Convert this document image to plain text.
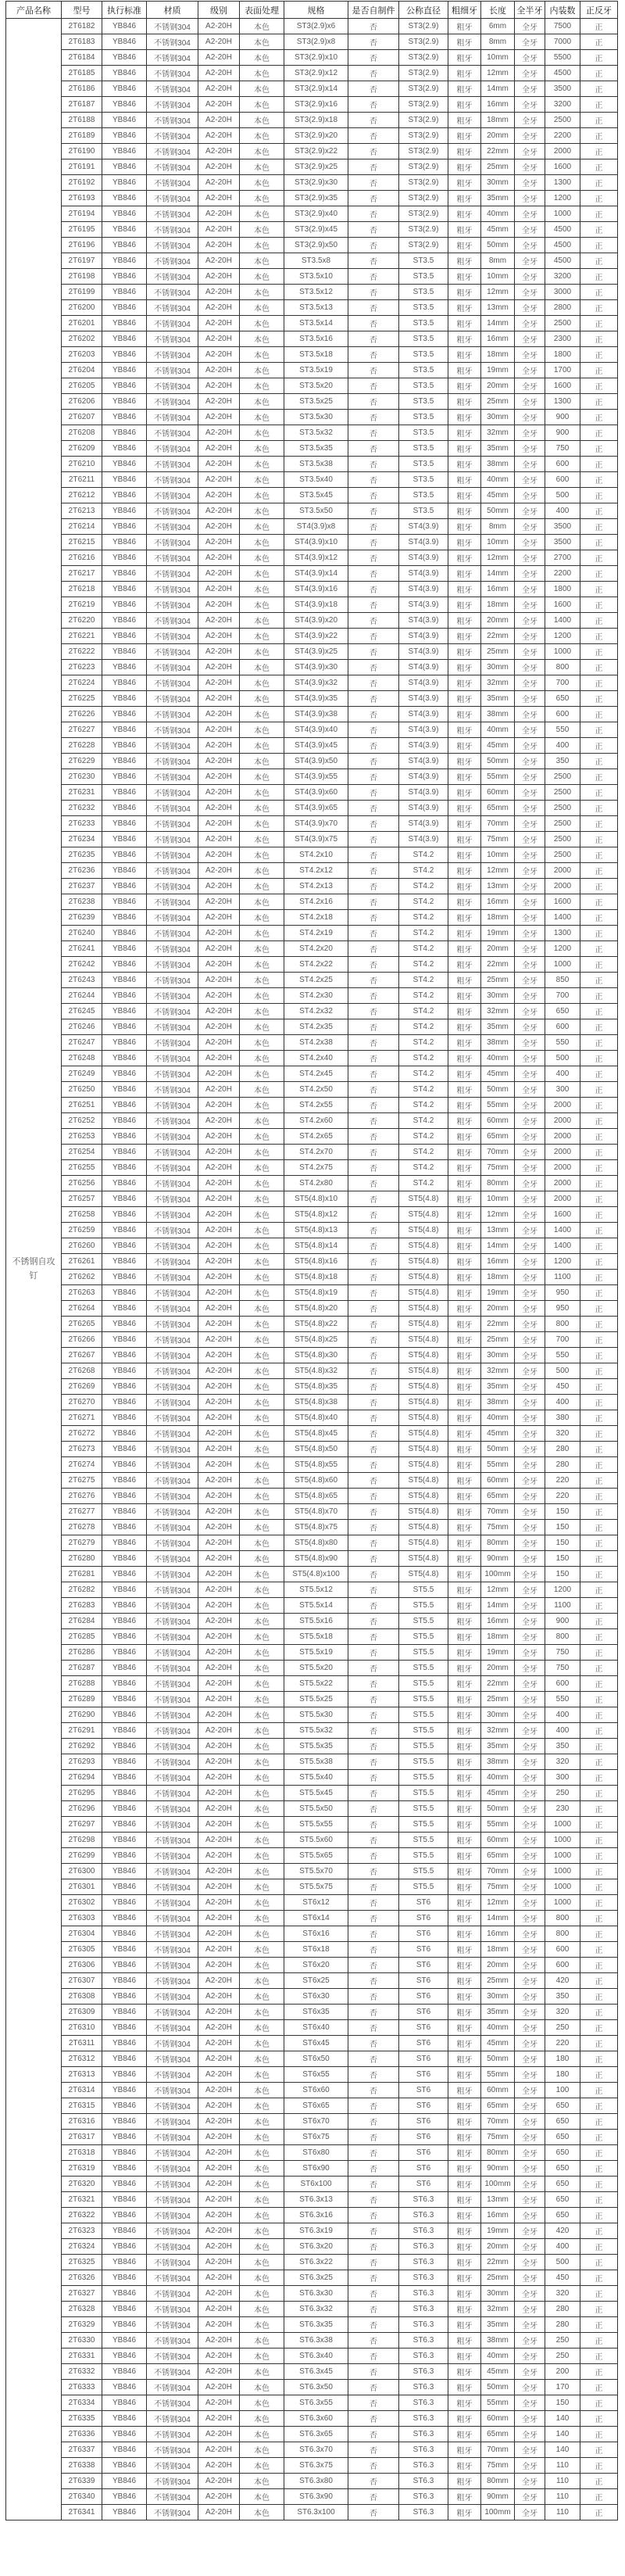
产品名称	型号	执行标准	材质	级别	表面处理	规格	是否自制件	公称直径	粗细牙	长度	全半牙	内装数	正反牙
不锈钢自攻钉	2T6182	YB846	不锈钢304	A2-20H	本色	ST3(2.9)x6	否	ST3(2.9)	粗牙	6mm	全牙	7500	正
	2T6183	YB846	不锈钢304	A2-20H	本色	ST3(2.9)x8	否	ST3(2.9)	粗牙	8mm	全牙	7000	正
	2T6184	YB846	不锈钢304	A2-20H	本色	ST3(2.9)x10	否	ST3(2.9)	粗牙	10mm	全牙	5500	正
	2T6185	YB846	不锈钢304	A2-20H	本色	ST3(2.9)x12	否	ST3(2.9)	粗牙	12mm	全牙	4500	正
	2T6186	YB846	不锈钢304	A2-20H	本色	ST3(2.9)x14	否	ST3(2.9)	粗牙	14mm	全牙	3500	正
	2T6187	YB846	不锈钢304	A2-20H	本色	ST3(2.9)x16	否	ST3(2.9)	粗牙	16mm	全牙	3200	正
	2T6188	YB846	不锈钢304	A2-20H	本色	ST3(2.9)x18	否	ST3(2.9)	粗牙	18mm	全牙	2500	正
	2T6189	YB846	不锈钢304	A2-20H	本色	ST3(2.9)x20	否	ST3(2.9)	粗牙	20mm	全牙	2200	正
	2T6190	YB846	不锈钢304	A2-20H	本色	ST3(2.9)x22	否	ST3(2.9)	粗牙	22mm	全牙	2000	正
	2T6191	YB846	不锈钢304	A2-20H	本色	ST3(2.9)x25	否	ST3(2.9)	粗牙	25mm	全牙	1600	正
	2T6192	YB846	不锈钢304	A2-20H	本色	ST3(2.9)x30	否	ST3(2.9)	粗牙	30mm	全牙	1300	正
	2T6193	YB846	不锈钢304	A2-20H	本色	ST3(2.9)x35	否	ST3(2.9)	粗牙	35mm	全牙	1200	正
	2T6194	YB846	不锈钢304	A2-20H	本色	ST3(2.9)x40	否	ST3(2.9)	粗牙	40mm	全牙	1000	正
	2T6195	YB846	不锈钢304	A2-20H	本色	ST3(2.9)x45	否	ST3(2.9)	粗牙	45mm	全牙	4500	正
	2T6196	YB846	不锈钢304	A2-20H	本色	ST3(2.9)x50	否	ST3(2.9)	粗牙	50mm	全牙	4500	正
	2T6197	YB846	不锈钢304	A2-20H	本色	ST3.5x8	否	ST3.5	粗牙	8mm	全牙	4500	正
	2T6198	YB846	不锈钢304	A2-20H	本色	ST3.5x10	否	ST3.5	粗牙	10mm	全牙	3200	正
	2T6199	YB846	不锈钢304	A2-20H	本色	ST3.5x12	否	ST3.5	粗牙	12mm	全牙	3000	正
	2T6200	YB846	不锈钢304	A2-20H	本色	ST3.5x13	否	ST3.5	粗牙	13mm	全牙	2800	正
	2T6201	YB846	不锈钢304	A2-20H	本色	ST3.5x14	否	ST3.5	粗牙	14mm	全牙	2500	正
	2T6202	YB846	不锈钢304	A2-20H	本色	ST3.5x16	否	ST3.5	粗牙	16mm	全牙	2300	正
	2T6203	YB846	不锈钢304	A2-20H	本色	ST3.5x18	否	ST3.5	粗牙	18mm	全牙	1800	正
	2T6204	YB846	不锈钢304	A2-20H	本色	ST3.5x19	否	ST3.5	粗牙	19mm	全牙	1700	正
	2T6205	YB846	不锈钢304	A2-20H	本色	ST3.5x20	否	ST3.5	粗牙	20mm	全牙	1600	正
	2T6206	YB846	不锈钢304	A2-20H	本色	ST3.5x25	否	ST3.5	粗牙	25mm	全牙	1300	正
	2T6207	YB846	不锈钢304	A2-20H	本色	ST3.5x30	否	ST3.5	粗牙	30mm	全牙	900	正
	2T6208	YB846	不锈钢304	A2-20H	本色	ST3.5x32	否	ST3.5	粗牙	32mm	全牙	900	正
	2T6209	YB846	不锈钢304	A2-20H	本色	ST3.5x35	否	ST3.5	粗牙	35mm	全牙	750	正
	2T6210	YB846	不锈钢304	A2-20H	本色	ST3.5x38	否	ST3.5	粗牙	38mm	全牙	600	正
	2T6211	YB846	不锈钢304	A2-20H	本色	ST3.5x40	否	ST3.5	粗牙	40mm	全牙	600	正
	2T6212	YB846	不锈钢304	A2-20H	本色	ST3.5x45	否	ST3.5	粗牙	45mm	全牙	500	正
	2T6213	YB846	不锈钢304	A2-20H	本色	ST3.5x50	否	ST3.5	粗牙	50mm	全牙	400	正
	2T6214	YB846	不锈钢304	A2-20H	本色	ST4(3.9)x8	否	ST4(3.9)	粗牙	8mm	全牙	3500	正
	2T6215	YB846	不锈钢304	A2-20H	本色	ST4(3.9)x10	否	ST4(3.9)	粗牙	10mm	全牙	3500	正
	2T6216	YB846	不锈钢304	A2-20H	本色	ST4(3.9)x12	否	ST4(3.9)	粗牙	12mm	全牙	2700	正
	2T6217	YB846	不锈钢304	A2-20H	本色	ST4(3.9)x14	否	ST4(3.9)	粗牙	14mm	全牙	2200	正
	2T6218	YB846	不锈钢304	A2-20H	本色	ST4(3.9)x16	否	ST4(3.9)	粗牙	16mm	全牙	1800	正
	2T6219	YB846	不锈钢304	A2-20H	本色	ST4(3.9)x18	否	ST4(3.9)	粗牙	18mm	全牙	1600	正
	2T6220	YB846	不锈钢304	A2-20H	本色	ST4(3.9)x20	否	ST4(3.9)	粗牙	20mm	全牙	1400	正
	2T6221	YB846	不锈钢304	A2-20H	本色	ST4(3.9)x22	否	ST4(3.9)	粗牙	22mm	全牙	1200	正
	2T6222	YB846	不锈钢304	A2-20H	本色	ST4(3.9)x25	否	ST4(3.9)	粗牙	25mm	全牙	1000	正
	2T6223	YB846	不锈钢304	A2-20H	本色	ST4(3.9)x30	否	ST4(3.9)	粗牙	30mm	全牙	800	正
	2T6224	YB846	不锈钢304	A2-20H	本色	ST4(3.9)x32	否	ST4(3.9)	粗牙	32mm	全牙	700	正
	2T6225	YB846	不锈钢304	A2-20H	本色	ST4(3.9)x35	否	ST4(3.9)	粗牙	35mm	全牙	650	正
	2T6226	YB846	不锈钢304	A2-20H	本色	ST4(3.9)x38	否	ST4(3.9)	粗牙	38mm	全牙	600	正
	2T6227	YB846	不锈钢304	A2-20H	本色	ST4(3.9)x40	否	ST4(3.9)	粗牙	40mm	全牙	550	正
	2T6228	YB846	不锈钢304	A2-20H	本色	ST4(3.9)x45	否	ST4(3.9)	粗牙	45mm	全牙	400	正
	2T6229	YB846	不锈钢304	A2-20H	本色	ST4(3.9)x50	否	ST4(3.9)	粗牙	50mm	全牙	350	正
	2T6230	YB846	不锈钢304	A2-20H	本色	ST4(3.9)x55	否	ST4(3.9)	粗牙	55mm	全牙	2500	正
	2T6231	YB846	不锈钢304	A2-20H	本色	ST4(3.9)x60	否	ST4(3.9)	粗牙	60mm	全牙	2500	正
	2T6232	YB846	不锈钢304	A2-20H	本色	ST4(3.9)x65	否	ST4(3.9)	粗牙	65mm	全牙	2500	正
	2T6233	YB846	不锈钢304	A2-20H	本色	ST4(3.9)x70	否	ST4(3.9)	粗牙	70mm	全牙	2500	正
	2T6234	YB846	不锈钢304	A2-20H	本色	ST4(3.9)x75	否	ST4(3.9)	粗牙	75mm	全牙	2500	正
	2T6235	YB846	不锈钢304	A2-20H	本色	ST4.2x10	否	ST4.2	粗牙	10mm	全牙	2500	正
	2T6236	YB846	不锈钢304	A2-20H	本色	ST4.2x12	否	ST4.2	粗牙	12mm	全牙	2000	正
	2T6237	YB846	不锈钢304	A2-20H	本色	ST4.2x13	否	ST4.2	粗牙	13mm	全牙	2000	正
	2T6238	YB846	不锈钢304	A2-20H	本色	ST4.2x16	否	ST4.2	粗牙	16mm	全牙	1600	正
	2T6239	YB846	不锈钢304	A2-20H	本色	ST4.2x18	否	ST4.2	粗牙	18mm	全牙	1400	正
	2T6240	YB846	不锈钢304	A2-20H	本色	ST4.2x19	否	ST4.2	粗牙	19mm	全牙	1300	正
	2T6241	YB846	不锈钢304	A2-20H	本色	ST4.2x20	否	ST4.2	粗牙	20mm	全牙	1200	正
	2T6242	YB846	不锈钢304	A2-20H	本色	ST4.2x22	否	ST4.2	粗牙	22mm	全牙	1000	正
	2T6243	YB846	不锈钢304	A2-20H	本色	ST4.2x25	否	ST4.2	粗牙	25mm	全牙	850	正
	2T6244	YB846	不锈钢304	A2-20H	本色	ST4.2x30	否	ST4.2	粗牙	30mm	全牙	700	正
	2T6245	YB846	不锈钢304	A2-20H	本色	ST4.2x32	否	ST4.2	粗牙	32mm	全牙	650	正
	2T6246	YB846	不锈钢304	A2-20H	本色	ST4.2x35	否	ST4.2	粗牙	35mm	全牙	600	正
	2T6247	YB846	不锈钢304	A2-20H	本色	ST4.2x38	否	ST4.2	粗牙	38mm	全牙	550	正
	2T6248	YB846	不锈钢304	A2-20H	本色	ST4.2x40	否	ST4.2	粗牙	40mm	全牙	500	正
	2T6249	YB846	不锈钢304	A2-20H	本色	ST4.2x45	否	ST4.2	粗牙	45mm	全牙	400	正
	2T6250	YB846	不锈钢304	A2-20H	本色	ST4.2x50	否	ST4.2	粗牙	50mm	全牙	300	正
	2T6251	YB846	不锈钢304	A2-20H	本色	ST4.2x55	否	ST4.2	粗牙	55mm	全牙	2000	正
	2T6252	YB846	不锈钢304	A2-20H	本色	ST4.2x60	否	ST4.2	粗牙	60mm	全牙	2000	正
	2T6253	YB846	不锈钢304	A2-20H	本色	ST4.2x65	否	ST4.2	粗牙	65mm	全牙	2000	正
	2T6254	YB846	不锈钢304	A2-20H	本色	ST4.2x70	否	ST4.2	粗牙	70mm	全牙	2000	正
	2T6255	YB846	不锈钢304	A2-20H	本色	ST4.2x75	否	ST4.2	粗牙	75mm	全牙	2000	正
	2T6256	YB846	不锈钢304	A2-20H	本色	ST4.2x80	否	ST4.2	粗牙	80mm	全牙	2000	正
	2T6257	YB846	不锈钢304	A2-20H	本色	ST5(4.8)x10	否	ST5(4.8)	粗牙	10mm	全牙	2000	正
	2T6258	YB846	不锈钢304	A2-20H	本色	ST5(4.8)x12	否	ST5(4.8)	粗牙	12mm	全牙	1600	正
	2T6259	YB846	不锈钢304	A2-20H	本色	ST5(4.8)x13	否	ST5(4.8)	粗牙	13mm	全牙	1400	正
	2T6260	YB846	不锈钢304	A2-20H	本色	ST5(4.8)x14	否	ST5(4.8)	粗牙	14mm	全牙	1400	正
	2T6261	YB846	不锈钢304	A2-20H	本色	ST5(4.8)x16	否	ST5(4.8)	粗牙	16mm	全牙	1200	正
	2T6262	YB846	不锈钢304	A2-20H	本色	ST5(4.8)x18	否	ST5(4.8)	粗牙	18mm	全牙	1100	正
	2T6263	YB846	不锈钢304	A2-20H	本色	ST5(4.8)x19	否	ST5(4.8)	粗牙	19mm	全牙	950	正
	2T6264	YB846	不锈钢304	A2-20H	本色	ST5(4.8)x20	否	ST5(4.8)	粗牙	20mm	全牙	950	正
	2T6265	YB846	不锈钢304	A2-20H	本色	ST5(4.8)x22	否	ST5(4.8)	粗牙	22mm	全牙	800	正
	2T6266	YB846	不锈钢304	A2-20H	本色	ST5(4.8)x25	否	ST5(4.8)	粗牙	25mm	全牙	700	正
	2T6267	YB846	不锈钢304	A2-20H	本色	ST5(4.8)x30	否	ST5(4.8)	粗牙	30mm	全牙	550	正
	2T6268	YB846	不锈钢304	A2-20H	本色	ST5(4.8)x32	否	ST5(4.8)	粗牙	32mm	全牙	500	正
	2T6269	YB846	不锈钢304	A2-20H	本色	ST5(4.8)x35	否	ST5(4.8)	粗牙	35mm	全牙	450	正
	2T6270	YB846	不锈钢304	A2-20H	本色	ST5(4.8)x38	否	ST5(4.8)	粗牙	38mm	全牙	400	正
	2T6271	YB846	不锈钢304	A2-20H	本色	ST5(4.8)x40	否	ST5(4.8)	粗牙	40mm	全牙	380	正
	2T6272	YB846	不锈钢304	A2-20H	本色	ST5(4.8)x45	否	ST5(4.8)	粗牙	45mm	全牙	320	正
	2T6273	YB846	不锈钢304	A2-20H	本色	ST5(4.8)x50	否	ST5(4.8)	粗牙	50mm	全牙	280	正
	2T6274	YB846	不锈钢304	A2-20H	本色	ST5(4.8)x55	否	ST5(4.8)	粗牙	55mm	全牙	280	正
	2T6275	YB846	不锈钢304	A2-20H	本色	ST5(4.8)x60	否	ST5(4.8)	粗牙	60mm	全牙	220	正
	2T6276	YB846	不锈钢304	A2-20H	本色	ST5(4.8)x65	否	ST5(4.8)	粗牙	65mm	全牙	220	正
	2T6277	YB846	不锈钢304	A2-20H	本色	ST5(4.8)x70	否	ST5(4.8)	粗牙	70mm	全牙	150	正
	2T6278	YB846	不锈钢304	A2-20H	本色	ST5(4.8)x75	否	ST5(4.8)	粗牙	75mm	全牙	150	正
	2T6279	YB846	不锈钢304	A2-20H	本色	ST5(4.8)x80	否	ST5(4.8)	粗牙	80mm	全牙	150	正
	2T6280	YB846	不锈钢304	A2-20H	本色	ST5(4.8)x90	否	ST5(4.8)	粗牙	90mm	全牙	150	正
	2T6281	YB846	不锈钢304	A2-20H	本色	ST5(4.8)x100	否	ST5(4.8)	粗牙	100mm	全牙	150	正
	2T6282	YB846	不锈钢304	A2-20H	本色	ST5.5x12	否	ST5.5	粗牙	12mm	全牙	1200	正
	2T6283	YB846	不锈钢304	A2-20H	本色	ST5.5x14	否	ST5.5	粗牙	14mm	全牙	1100	正
	2T6284	YB846	不锈钢304	A2-20H	本色	ST5.5x16	否	ST5.5	粗牙	16mm	全牙	900	正
	2T6285	YB846	不锈钢304	A2-20H	本色	ST5.5x18	否	ST5.5	粗牙	18mm	全牙	800	正
	2T6286	YB846	不锈钢304	A2-20H	本色	ST5.5x19	否	ST5.5	粗牙	19mm	全牙	750	正
	2T6287	YB846	不锈钢304	A2-20H	本色	ST5.5x20	否	ST5.5	粗牙	20mm	全牙	750	正
	2T6288	YB846	不锈钢304	A2-20H	本色	ST5.5x22	否	ST5.5	粗牙	22mm	全牙	600	正
	2T6289	YB846	不锈钢304	A2-20H	本色	ST5.5x25	否	ST5.5	粗牙	25mm	全牙	550	正
	2T6290	YB846	不锈钢304	A2-20H	本色	ST5.5x30	否	ST5.5	粗牙	30mm	全牙	400	正
	2T6291	YB846	不锈钢304	A2-20H	本色	ST5.5x32	否	ST5.5	粗牙	32mm	全牙	400	正
	2T6292	YB846	不锈钢304	A2-20H	本色	ST5.5x35	否	ST5.5	粗牙	35mm	全牙	350	正
	2T6293	YB846	不锈钢304	A2-20H	本色	ST5.5x38	否	ST5.5	粗牙	38mm	全牙	320	正
	2T6294	YB846	不锈钢304	A2-20H	本色	ST5.5x40	否	ST5.5	粗牙	40mm	全牙	300	正
	2T6295	YB846	不锈钢304	A2-20H	本色	ST5.5x45	否	ST5.5	粗牙	45mm	全牙	250	正
	2T6296	YB846	不锈钢304	A2-20H	本色	ST5.5x50	否	ST5.5	粗牙	50mm	全牙	230	正
	2T6297	YB846	不锈钢304	A2-20H	本色	ST5.5x55	否	ST5.5	粗牙	55mm	全牙	1000	正
	2T6298	YB846	不锈钢304	A2-20H	本色	ST5.5x60	否	ST5.5	粗牙	60mm	全牙	1000	正
	2T6299	YB846	不锈钢304	A2-20H	本色	ST5.5x65	否	ST5.5	粗牙	65mm	全牙	1000	正
	2T6300	YB846	不锈钢304	A2-20H	本色	ST5.5x70	否	ST5.5	粗牙	70mm	全牙	1000	正
	2T6301	YB846	不锈钢304	A2-20H	本色	ST5.5x75	否	ST5.5	粗牙	75mm	全牙	1000	正
	2T6302	YB846	不锈钢304	A2-20H	本色	ST6x12	否	ST6	粗牙	12mm	全牙	1000	正
	2T6303	YB846	不锈钢304	A2-20H	本色	ST6x14	否	ST6	粗牙	14mm	全牙	800	正
	2T6304	YB846	不锈钢304	A2-20H	本色	ST6x16	否	ST6	粗牙	16mm	全牙	800	正
	2T6305	YB846	不锈钢304	A2-20H	本色	ST6x18	否	ST6	粗牙	18mm	全牙	600	正
	2T6306	YB846	不锈钢304	A2-20H	本色	ST6x20	否	ST6	粗牙	20mm	全牙	600	正
	2T6307	YB846	不锈钢304	A2-20H	本色	ST6x25	否	ST6	粗牙	25mm	全牙	420	正
	2T6308	YB846	不锈钢304	A2-20H	本色	ST6x30	否	ST6	粗牙	30mm	全牙	350	正
	2T6309	YB846	不锈钢304	A2-20H	本色	ST6x35	否	ST6	粗牙	35mm	全牙	320	正
	2T6310	YB846	不锈钢304	A2-20H	本色	ST6x40	否	ST6	粗牙	40mm	全牙	250	正
	2T6311	YB846	不锈钢304	A2-20H	本色	ST6x45	否	ST6	粗牙	45mm	全牙	220	正
	2T6312	YB846	不锈钢304	A2-20H	本色	ST6x50	否	ST6	粗牙	50mm	全牙	180	正
	2T6313	YB846	不锈钢304	A2-20H	本色	ST6x55	否	ST6	粗牙	55mm	全牙	180	正
	2T6314	YB846	不锈钢304	A2-20H	本色	ST6x60	否	ST6	粗牙	60mm	全牙	100	正
	2T6315	YB846	不锈钢304	A2-20H	本色	ST6x65	否	ST6	粗牙	65mm	全牙	650	正
	2T6316	YB846	不锈钢304	A2-20H	本色	ST6x70	否	ST6	粗牙	70mm	全牙	650	正
	2T6317	YB846	不锈钢304	A2-20H	本色	ST6x75	否	ST6	粗牙	75mm	全牙	650	正
	2T6318	YB846	不锈钢304	A2-20H	本色	ST6x80	否	ST6	粗牙	80mm	全牙	650	正
	2T6319	YB846	不锈钢304	A2-20H	本色	ST6x90	否	ST6	粗牙	90mm	全牙	650	正
	2T6320	YB846	不锈钢304	A2-20H	本色	ST6x100	否	ST6	粗牙	100mm	全牙	650	正
	2T6321	YB846	不锈钢304	A2-20H	本色	ST6.3x13	否	ST6.3	粗牙	13mm	全牙	650	正
	2T6322	YB846	不锈钢304	A2-20H	本色	ST6.3x16	否	ST6.3	粗牙	16mm	全牙	650	正
	2T6323	YB846	不锈钢304	A2-20H	本色	ST6.3x19	否	ST6.3	粗牙	19mm	全牙	420	正
	2T6324	YB846	不锈钢304	A2-20H	本色	ST6.3x20	否	ST6.3	粗牙	20mm	全牙	400	正
	2T6325	YB846	不锈钢304	A2-20H	本色	ST6.3x22	否	ST6.3	粗牙	22mm	全牙	500	正
	2T6326	YB846	不锈钢304	A2-20H	本色	ST6.3x25	否	ST6.3	粗牙	25mm	全牙	450	正
	2T6327	YB846	不锈钢304	A2-20H	本色	ST6.3x30	否	ST6.3	粗牙	30mm	全牙	320	正
	2T6328	YB846	不锈钢304	A2-20H	本色	ST6.3x32	否	ST6.3	粗牙	32mm	全牙	280	正
	2T6329	YB846	不锈钢304	A2-20H	本色	ST6.3x35	否	ST6.3	粗牙	35mm	全牙	280	正
	2T6330	YB846	不锈钢304	A2-20H	本色	ST6.3x38	否	ST6.3	粗牙	38mm	全牙	250	正
	2T6331	YB846	不锈钢304	A2-20H	本色	ST6.3x40	否	ST6.3	粗牙	40mm	全牙	250	正
	2T6332	YB846	不锈钢304	A2-20H	本色	ST6.3x45	否	ST6.3	粗牙	45mm	全牙	200	正
	2T6333	YB846	不锈钢304	A2-20H	本色	ST6.3x50	否	ST6.3	粗牙	50mm	全牙	170	正
	2T6334	YB846	不锈钢304	A2-20H	本色	ST6.3x55	否	ST6.3	粗牙	55mm	全牙	150	正
	2T6335	YB846	不锈钢304	A2-20H	本色	ST6.3x60	否	ST6.3	粗牙	60mm	全牙	140	正
	2T6336	YB846	不锈钢304	A2-20H	本色	ST6.3x65	否	ST6.3	粗牙	65mm	全牙	140	正
	2T6337	YB846	不锈钢304	A2-20H	本色	ST6.3x70	否	ST6.3	粗牙	70mm	全牙	140	正
	2T6338	YB846	不锈钢304	A2-20H	本色	ST6.3x75	否	ST6.3	粗牙	75mm	全牙	110	正
	2T6339	YB846	不锈钢304	A2-20H	本色	ST6.3x80	否	ST6.3	粗牙	80mm	全牙	110	正
	2T6340	YB846	不锈钢304	A2-20H	本色	ST6.3x90	否	ST6.3	粗牙	90mm	全牙	110	正
	2T6341	YB846	不锈钢304	A2-20H	本色	ST6.3x100	否	ST6.3	粗牙	100mm	全牙	110	正
